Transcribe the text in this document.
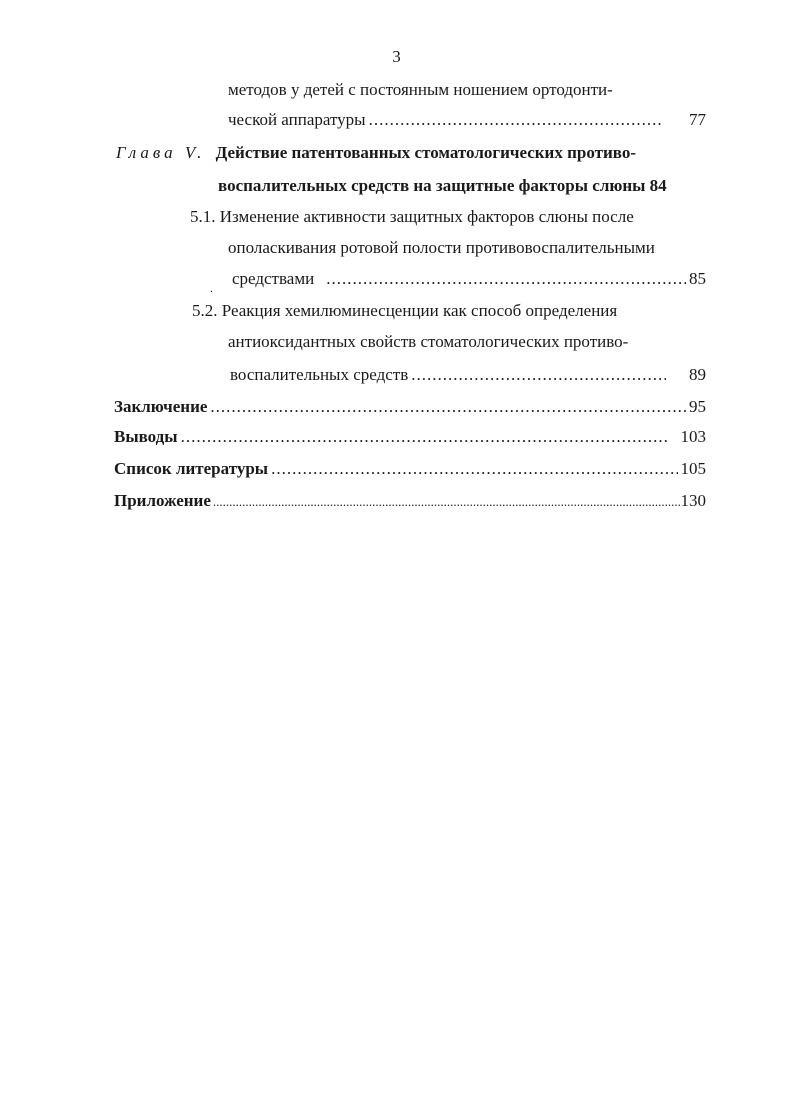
3
методов у детей с постоянным ношением ортодонти-
ческой аппаратуры .....	77
Глава V. Действие патентованных стоматологических противо-
воспалительных средств на защитные факторы слюны 84
5.1. Изменение активности защитных факторов слюны после
ополаскивания ротовой полости противовоспалительными
средствами .....	85
.
5.2. Реакция хемилюминесценции как способ определения
антиоксидантных свойств стоматологических противо-
воспалительных средств .....	89
Заключение .....	95
Выводы .....	103
Список литературы .....	105
Приложение .....	130
